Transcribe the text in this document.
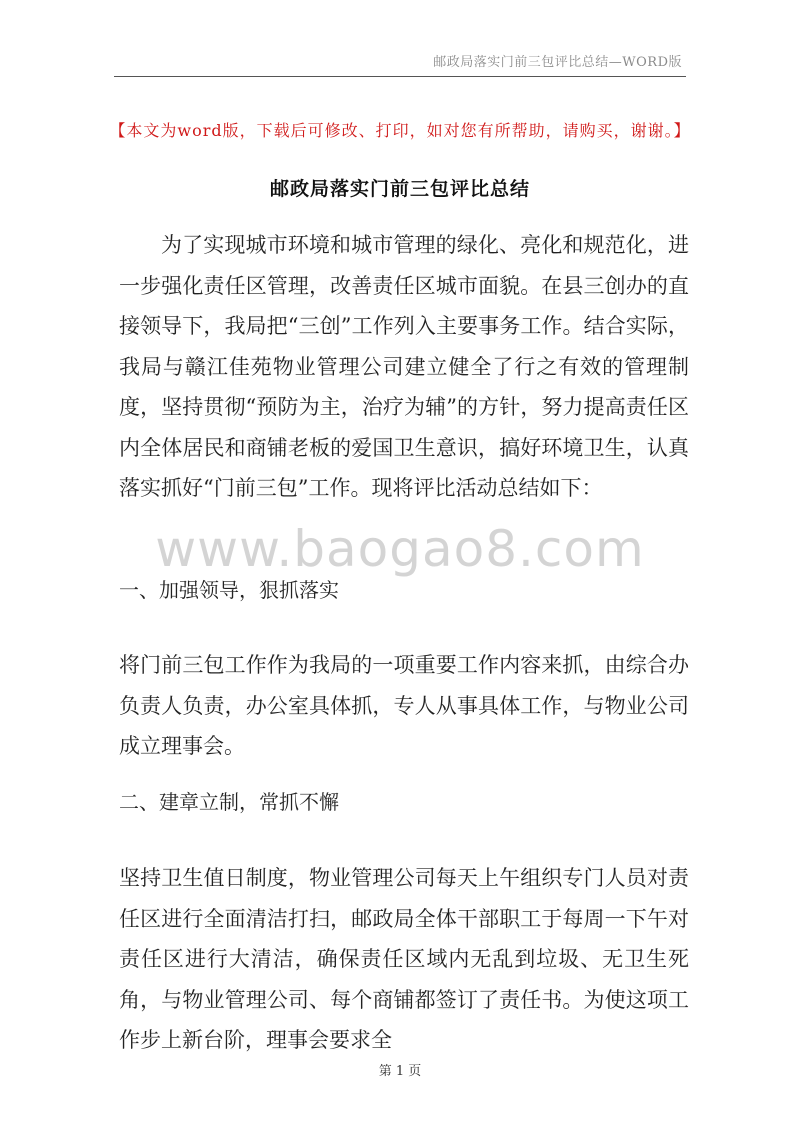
邮政局落实门前三包评比总结—WORD版
【本文为word版，下载后可修改、打印，如对您有所帮助，请购买，谢谢。】
邮政局落实门前三包评比总结

为了实现城市环境和城市管理的绿化、亮化和规范化，进一步强化责任区管理，改善责任区城市面貌。在县三创办的直接领导下，我局把“三创”工作列入主要事务工作。结合实际，我局与赣江佳苑物业管理公司建立健全了行之有效的管理制度，坚持贯彻“预防为主，治疗为辅”的方针，努力提高责任区内全体居民和商铺老板的爱国卫生意识，搞好环境卫生，认真落实抓好“门前三包”工作。现将评比活动总结如下：

www.baogao8.com

一、加强领导，狠抓落实

将门前三包工作作为我局的一项重要工作内容来抓，由综合办负责人负责，办公室具体抓，专人从事具体工作，与物业公司成立理事会。

二、建章立制，常抓不懈

坚持卫生值日制度，物业管理公司每天上午组织专门人员对责任区进行全面清洁打扫，邮政局全体干部职工于每周一下午对责任区进行大清洁，确保责任区域内无乱到垃圾、无卫生死角，与物业管理公司、每个商铺都签订了责任书。为使这项工作步上新台阶，理事会要求全

第 1 页
